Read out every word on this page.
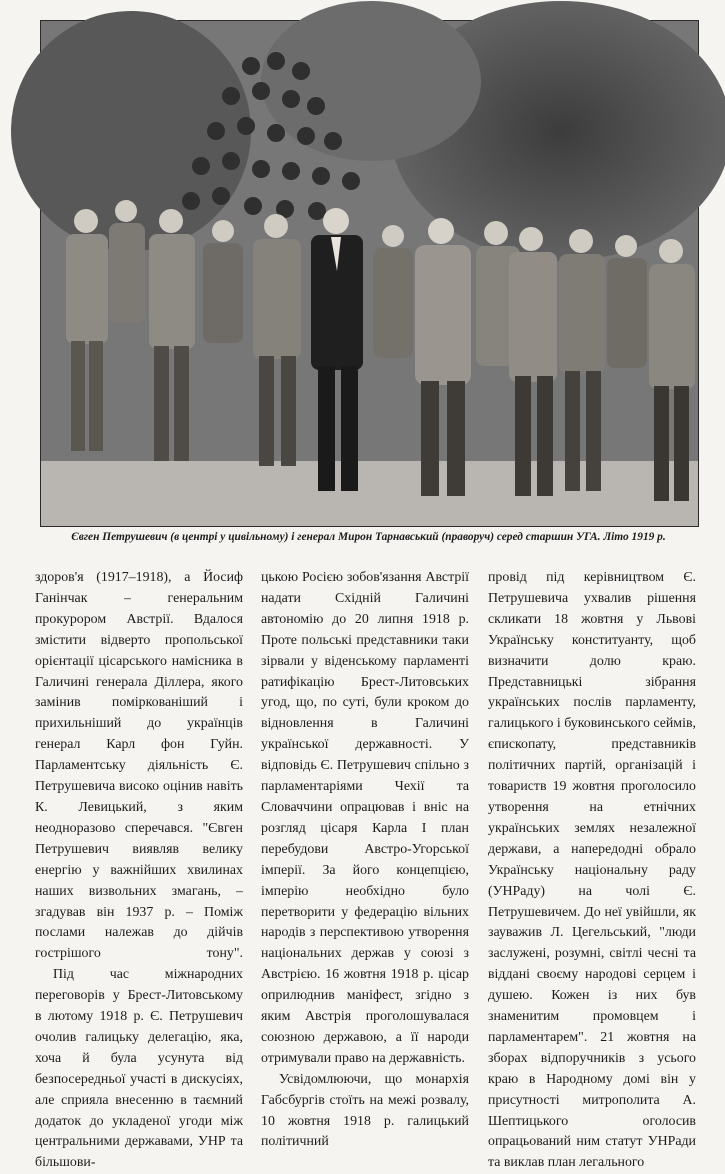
Євген Петрушевич (в центрі у цивільному) і генерал Мирон Тарнавський (праворуч) серед старшин УГА. Літо 1919 р.

здоров'я (1917–1918), а Йосиф Ганінчак – генеральним прокурором Австрії. Вдалося змістити відверто пропольської орієнтації цісарського намісника в Галичині генерала Діллера, якого замінив поміркованіший і прихильніший до українців генерал Карл фон Гуйн. Парламентську діяльність Є. Петрушевича високо оцінив навіть К. Левицький, з яким неодноразово сперечався. "Євген Петрушевич виявляв велику енергію у важнійших хвилинах наших визвольних змагань, – згадував він 1937 р. – Поміж послами належав до дійчів гострішого тону".

Під час міжнародних переговорів у Брест-Литовському в лютому 1918 р. Є. Петрушевич очолив галицьку делегацію, яка, хоча й була усунута від безпосередньої участі в дискусіях, але сприяла внесенню в таємний додаток до укладеної угоди між центральними державами, УНР та більшови-

цькою Росією зобов'язання Австрії надати Східній Галичині автономію до 20 липня 1918 р. Проте польські представники таки зірвали у віденському парламенті ратифікацію Брест-Литовських угод, що, по суті, були кроком до відновлення в Галичині української державності. У відповідь Є. Петрушевич спільно з парламентаріями Чехії та Словаччини опрацював і вніс на розгляд цісаря Карла І план перебудови Австро-Угорської імперії. За його концепцією, імперію необхідно було перетворити у федерацію вільних народів з перспективою утворення національних держав у союзі з Австрією. 16 жовтня 1918 р. цісар оприлюднив маніфест, згідно з яким Австрія проголошувалася союзною державою, а її народи отримували право на державність.

Усвідомлюючи, що монархія Габсбургів стоїть на межі розвалу, 10 жовтня 1918 р. галицький політичний

провід під керівництвом Є. Петрушевича ухвалив рішення скликати 18 жовтня у Львові Українську конституанту, щоб визначити долю краю. Представницькі зібрання українських послів парламенту, галицького і буковинського сеймів, єпископату, представників політичних партій, організацій і товариств 19 жовтня проголосило утворення на етнічних українських землях незалежної держави, а напередодні обрало Українську національну раду (УНРаду) на чолі Є. Петрушевичем. До неї увійшли, як зауважив Л. Цегельський, "люди заслужені, розумні, світлі чесні та віддані своєму народові серцем і душею. Кожен із них був знаменитим промовцем і парламентарем". 21 жовтня на зборах відпоручників з усього краю в Народному домі він у присутності митрополита А. Шептицького оголосив опрацьований ним статут УНРади та виклав план легального
